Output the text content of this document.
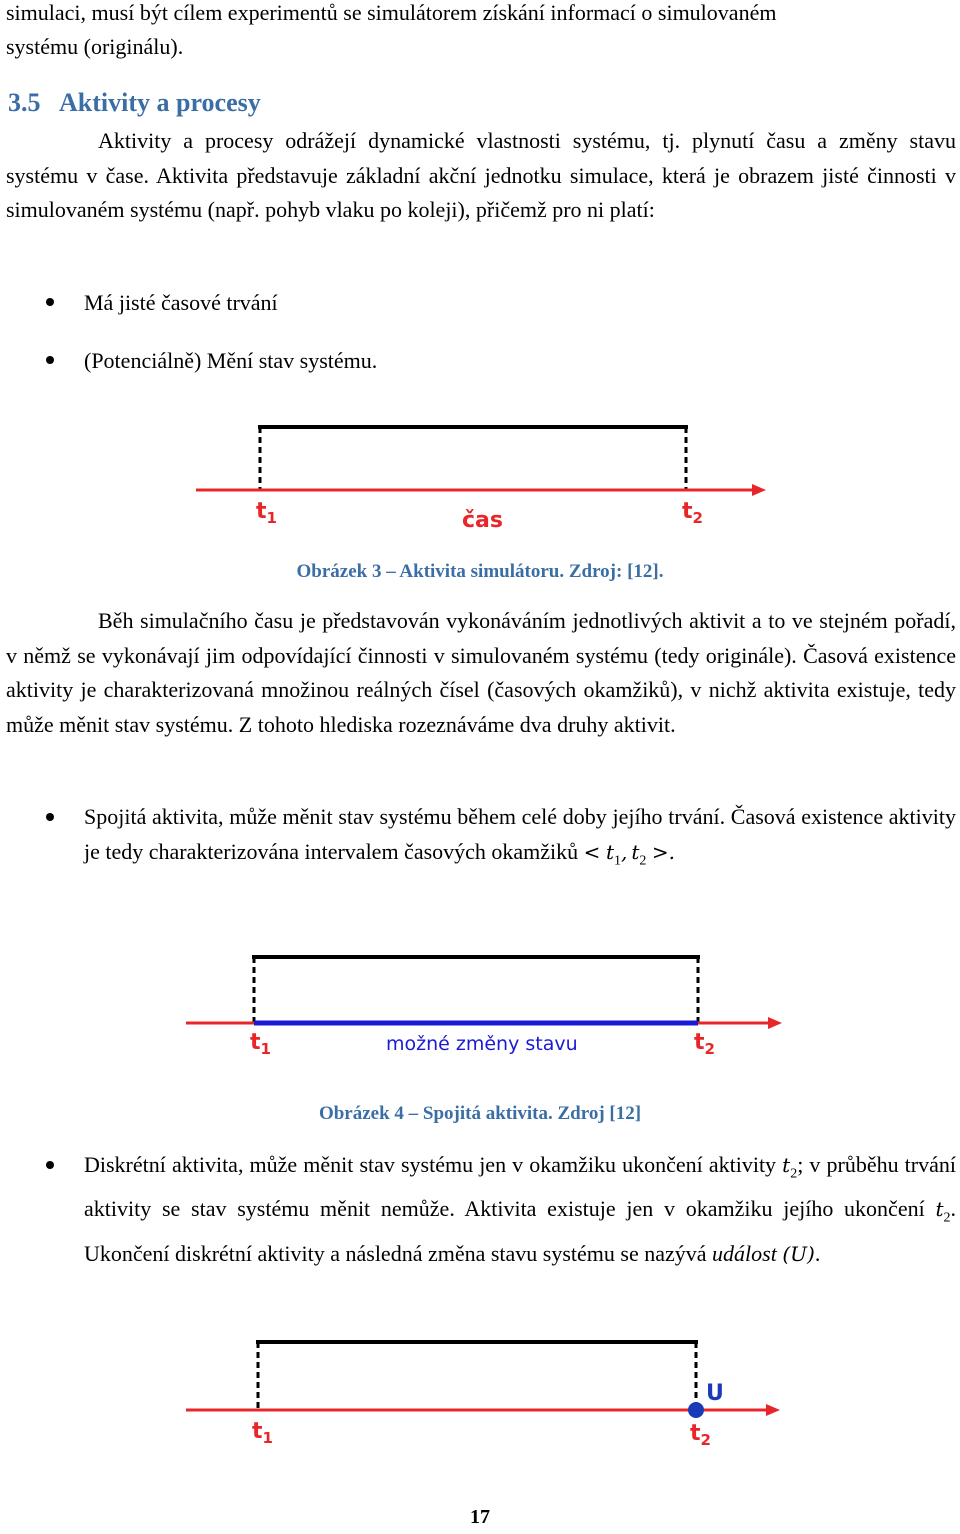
simulaci, musí být cílem experimentů se simulátorem získání informací o simulovaném
systému (originálu).
3.5 Aktivity a procesy
Aktivity a procesy odrážejí dynamické vlastnosti systému, tj. plynutí času a změny stavu systému v čase. Aktivita představuje základní akční jednotku simulace, která je obrazem jisté činnosti v simulovaném systému (např. pohyb vlaku po koleji), přičemž pro ni platí:
Má jisté časové trvání
(Potenciálně) Mění stav systému.
$t_1$	$t_2$
čas
Obrázek 3 – Aktivita simulátoru. Zdroj: [12].
Běh simulačního času je představován vykonáváním jednotlivých aktivit a to ve stejném pořadí, v němž se vykonávají jim odpovídající činnosti v simulovaném systému (tedy originále). Časová existence aktivity je charakterizovaná množinou reálných čísel (časových okamžiků), v nichž aktivita existuje, tedy může měnit stav systému. Z tohoto hlediska rozeznáváme dva druhy aktivit.
Spojitá aktivita, může měnit stav systému během celé doby jejího trvání. Časová existence aktivity je tedy charakterizována intervalem časových okamžiků < $t_1$, $t_2$ >.
$t_1$	$t_2$
možné změny stavu
Obrázek 4 – Spojitá aktivita. Zdroj [12]
Diskrétní aktivita, může měnit stav systému jen v okamžiku ukončení aktivity $t_2$; v průběhu trvání aktivity se stav systému měnit nemůže. Aktivita existuje jen v okamžiku jejího ukončení $t_2$. Ukončení diskrétní aktivity a následná změna stavu systému se nazývá událost (U).
U
$t_1$	$t_2$
17
